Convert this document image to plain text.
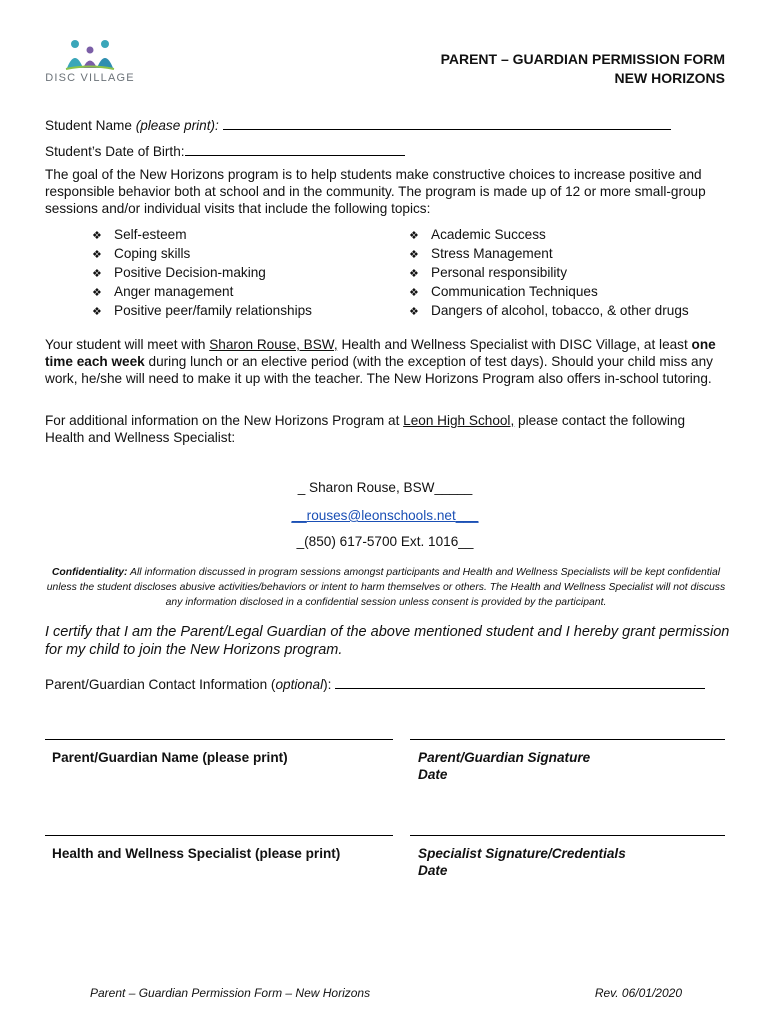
DISC VILLAGE
PARENT – GUARDIAN PERMISSION FORM
NEW HORIZONS
Student Name (please print):
Student’s Date of Birth:
The goal of the New Horizons program is to help students make constructive choices to increase positive and responsible behavior both at school and in the community. The program is made up of 12 or more small-group sessions and/or individual visits that include the following topics:
❖ Self-esteem
❖ Coping skills
❖ Positive Decision-making
❖ Anger management
❖ Positive peer/family relationships
❖ Academic Success
❖ Stress Management
❖ Personal responsibility
❖ Communication Techniques
❖ Dangers of alcohol, tobacco, & other drugs
Your student will meet with Sharon Rouse, BSW, Health and Wellness Specialist with DISC Village, at least one time each week during lunch or an elective period (with the exception of test days). Should your child miss any work, he/she will need to make it up with the teacher. The New Horizons Program also offers in-school tutoring.
For additional information on the New Horizons Program at Leon High School, please contact the following Health and Wellness Specialist:
_ Sharon Rouse, BSW_____
__rouses@leonschools.net___
_(850) 617-5700 Ext. 1016__
Confidentiality: All information discussed in program sessions amongst participants and Health and Wellness Specialists will be kept confidential unless the student discloses abusive activities/behaviors or intent to harm themselves or others. The Health and Wellness Specialist will not discuss any information disclosed in a confidential session unless consent is provided by the participant.
I certify that I am the Parent/Legal Guardian of the above mentioned student and I hereby grant permission for my child to join the New Horizons program.
Parent/Guardian Contact Information (optional):
Parent/Guardian Name (please print)	Parent/Guardian Signature
Date
Health and Wellness Specialist (please print)	Specialist Signature/Credentials
Date
Parent – Guardian Permission Form – New Horizons	Rev. 06/01/2020
